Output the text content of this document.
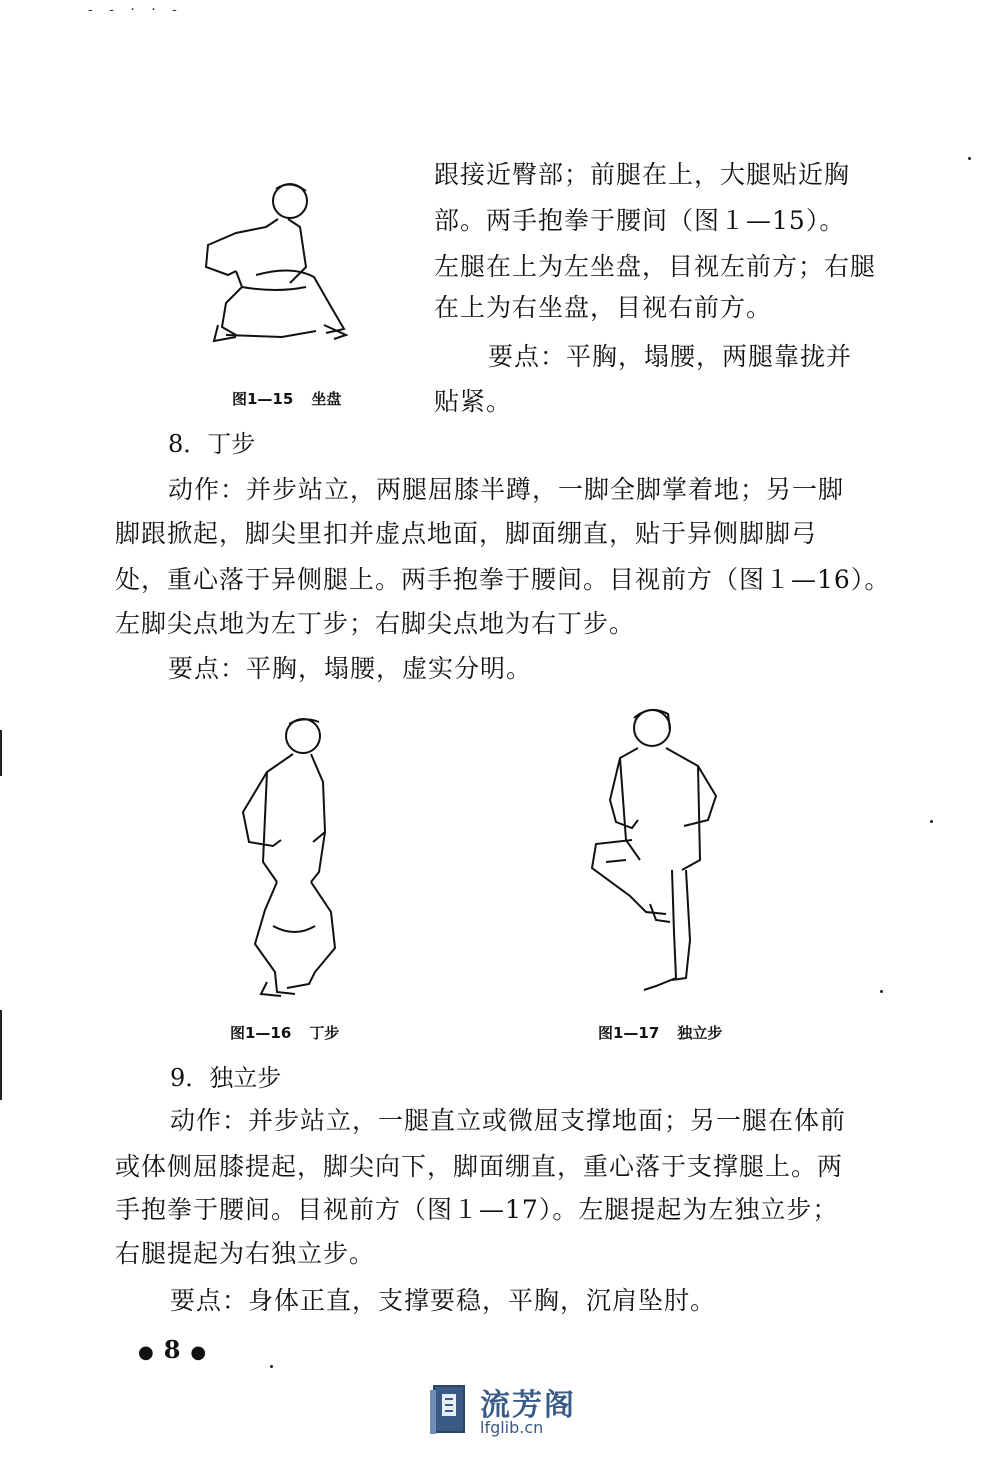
- - · · -
图1—15 坐盘
跟接近臀部；前腿在上，大腿贴近胸
部。两手抱拳于腰间（图１—15）。
左腿在上为左坐盘，目视左前方；右腿
在上为右坐盘，目视右前方。
要点：平胸，塌腰，两腿靠拢并
贴紧。
8．丁步
动作：并步站立，两腿屈膝半蹲，一脚全脚掌着地；另一脚
脚跟掀起，脚尖里扣并虚点地面，脚面绷直，贴于异侧脚脚弓
处，重心落于异侧腿上。两手抱拳于腰间。目视前方（图１—16）。
左脚尖点地为左丁步；右脚尖点地为右丁步。
要点：平胸，塌腰，虚实分明。
图1—16 丁步	图1—17 独立步
9．独立步
动作：并步站立，一腿直立或微屈支撑地面；另一腿在体前
或体侧屈膝提起，脚尖向下，脚面绷直，重心落于支撑腿上。两
手抱拳于腰间。目视前方（图１—17）。左腿提起为左独立步；
右腿提起为右独立步。
要点：身体正直，支撑要稳，平胸，沉肩坠肘。
● 8 ●
流芳阁
lfglib.cn
